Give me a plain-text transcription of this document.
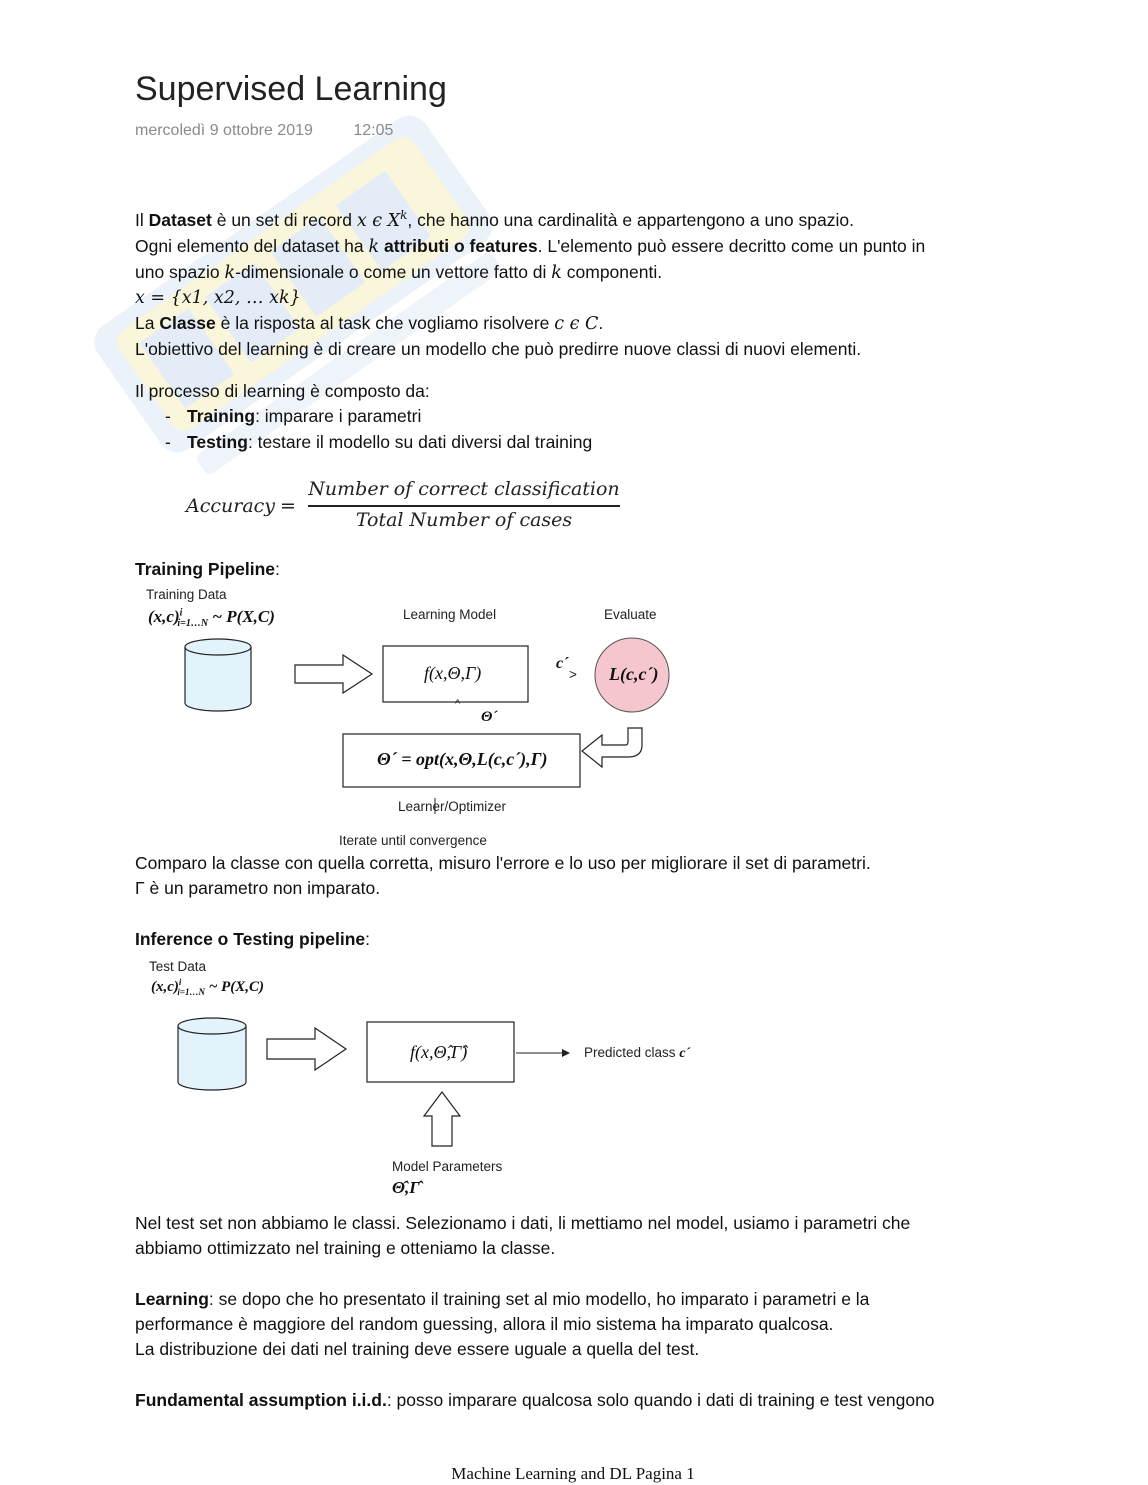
Supervised Learning
mercoledì 9 ottobre 2019	12:05
Il Dataset è un set di record x ϵ $X^k$, che hanno una cardinalità e appartengono a uno spazio.
Ogni elemento del dataset ha k attributi o features. L'elemento può essere decritto come un punto in
uno spazio k-dimensionale o come un vettore fatto di k componenti.
x = {x1, x2, … xk}
La Classe è la risposta al task che vogliamo risolvere c ϵ C.
L'obiettivo del learning è di creare un modello che può predirre nuove classi di nuovi elementi.
Il processo di learning è composto da:
- Training: imparare i parametri
- Testing: testare il modello su dati diversi dal training
Accuracy =
Number of correct classification
Total Number of cases
Training Pipeline:
Training Data
$(x,c)^i_{i=1\dots N}$ ~ P(X,C)	Learning Model
f(x,Θ,Γ)
Evaluate
c´
> L(c,c´)
^
Θ´
Θ´ = opt(x,Θ,L(c,c´),Γ)
Learner/Optimizer
Iterate until convergence
Comparo la classe con quella corretta, misuro l'errore e lo uso per migliorare il set di parametri.
Γ è un parametro non imparato.
Inference o Testing pipeline:
Test Data
$(x,c)^i_{i=1\dots N}$ ~ P(X,C)
f(x,Θ̂,Γ̂)	Predicted class c´
Model Parameters
Θ̂,Γ̂
Nel test set non abbiamo le classi. Selezionamo i dati, li mettiamo nel model, usiamo i parametri che
abbiamo ottimizzato nel training e otteniamo la classe.
Learning: se dopo che ho presentato il training set al mio modello, ho imparato i parametri e la
performance è maggiore del random guessing, allora il mio sistema ha imparato qualcosa.
La distribuzione dei dati nel training deve essere uguale a quella del test.
Fundamental assumption i.i.d.: posso imparare qualcosa solo quando i dati di training e test vengono
Machine Learning and DL Pagina 1
